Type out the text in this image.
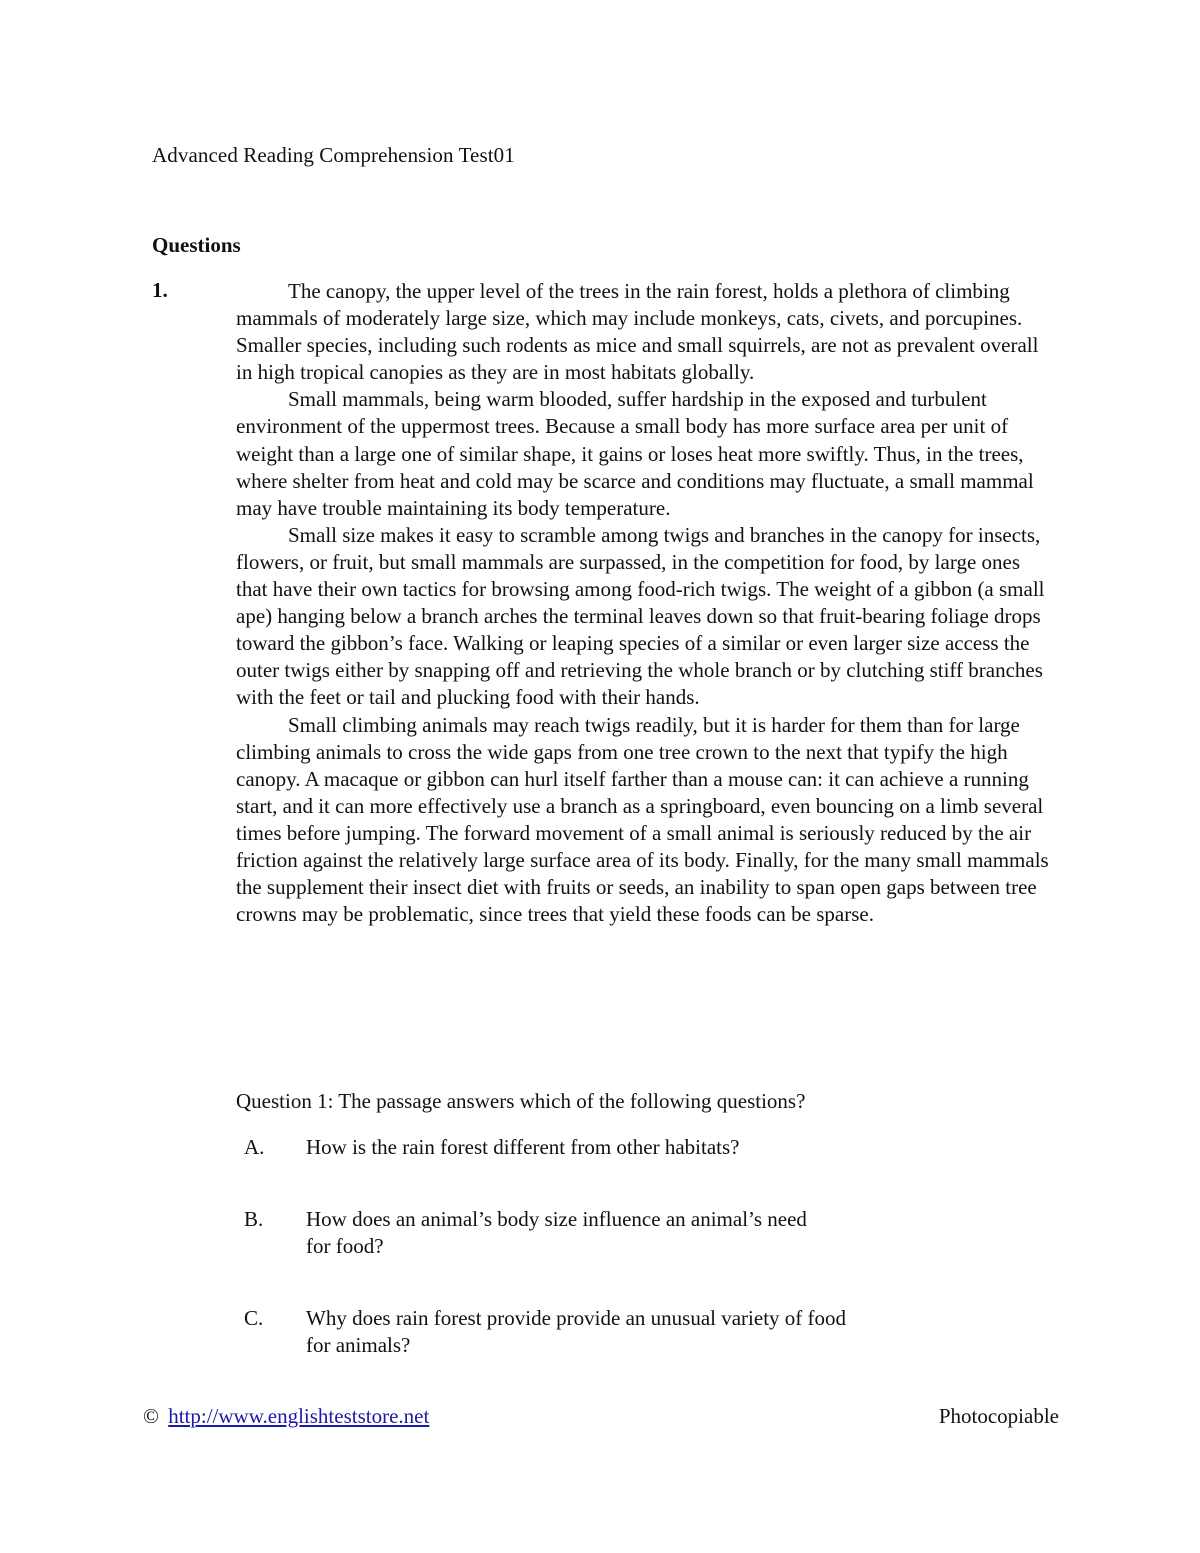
Advanced Reading Comprehension Test01
Questions
1.	The canopy, the upper level of the trees in the rain forest, holds a plethora of climbing mammals of moderately large size, which may include monkeys, cats, civets, and porcupines. Smaller species, including such rodents as mice and small squirrels, are not as prevalent overall in high tropical canopies as they are in most habitats globally.

Small mammals, being warm blooded, suffer hardship in the exposed and turbulent environment of the uppermost trees. Because a small body has more surface area per unit of weight than a large one of similar shape, it gains or loses heat more swiftly. Thus, in the trees, where shelter from heat and cold may be scarce and conditions may fluctuate, a small mammal may have trouble maintaining its body temperature.

Small size makes it easy to scramble among twigs and branches in the canopy for insects, flowers, or fruit, but small mammals are surpassed, in the competition for food, by large ones that have their own tactics for browsing among food-rich twigs. The weight of a gibbon (a small ape) hanging below a branch arches the terminal leaves down so that fruit-bearing foliage drops toward the gibbon’s face. Walking or leaping species of a similar or even larger size access the outer twigs either by snapping off and retrieving the whole branch or by clutching stiff branches with the feet or tail and plucking food with their hands.

Small climbing animals may reach twigs readily, but it is harder for them than for large climbing animals to cross the wide gaps from one tree crown to the next that typify the high canopy. A macaque or gibbon can hurl itself farther than a mouse can: it can achieve a running start, and it can more effectively use a branch as a springboard, even bouncing on a limb several times before jumping. The forward movement of a small animal is seriously reduced by the air friction against the relatively large surface area of its body. Finally, for the many small mammals the supplement their insect diet with fruits or seeds, an inability to span open gaps between tree crowns may be problematic, since trees that yield these foods can be sparse.

Question 1: The passage answers which of the following questions?
A.	How is the rain forest different from other habitats?
B.	How does an animal’s body size influence an animal’s need for food?
C.	Why does rain forest provide provide an unusual variety of food for animals?
© http://www.englishteststore.net	Photocopiable
